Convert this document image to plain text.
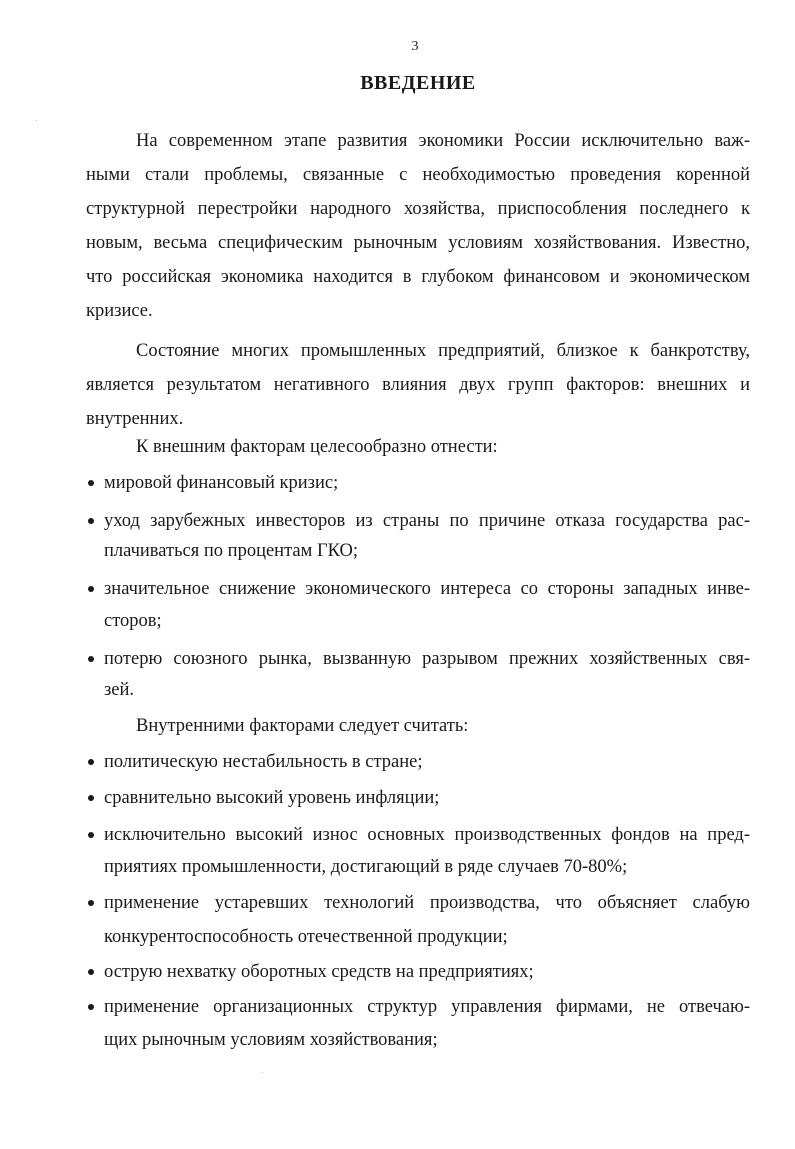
3
ВВЕДЕНИЕ
На современном этапе развития экономики России исключительно важ-
ными стали проблемы, связанные с необходимостью проведения коренной
структурной перестройки народного хозяйства, приспособления последнего к
новым, весьма специфическим рыночным условиям хозяйствования. Известно,
что российская экономика находится в глубоком финансовом и экономическом
кризисе.
Состояние многих промышленных предприятий, близкое к банкротству,
является результатом негативного влияния двух групп факторов: внешних и
внутренних.
К внешним факторам целесообразно отнести:
мировой финансовый кризис;
уход зарубежных инвесторов из страны по причине отказа государства рас-
плачиваться по процентам ГКО;
значительное снижение экономического интереса со стороны западных инве-
сторов;
потерю союзного рынка, вызванную разрывом прежних хозяйственных свя-
зей.
Внутренними факторами следует считать:
политическую нестабильность в стране;
сравнительно высокий уровень инфляции;
исключительно высокий износ основных производственных фондов на пред-
приятиях промышленности, достигающий в ряде случаев 70-80%;
применение устаревших технологий производства, что объясняет слабую
конкурентоспособность отечественной продукции;
острую нехватку оборотных средств на предприятиях;
применение организационных структур управления фирмами, не отвечаю-
щих рыночным условиям хозяйствования;
